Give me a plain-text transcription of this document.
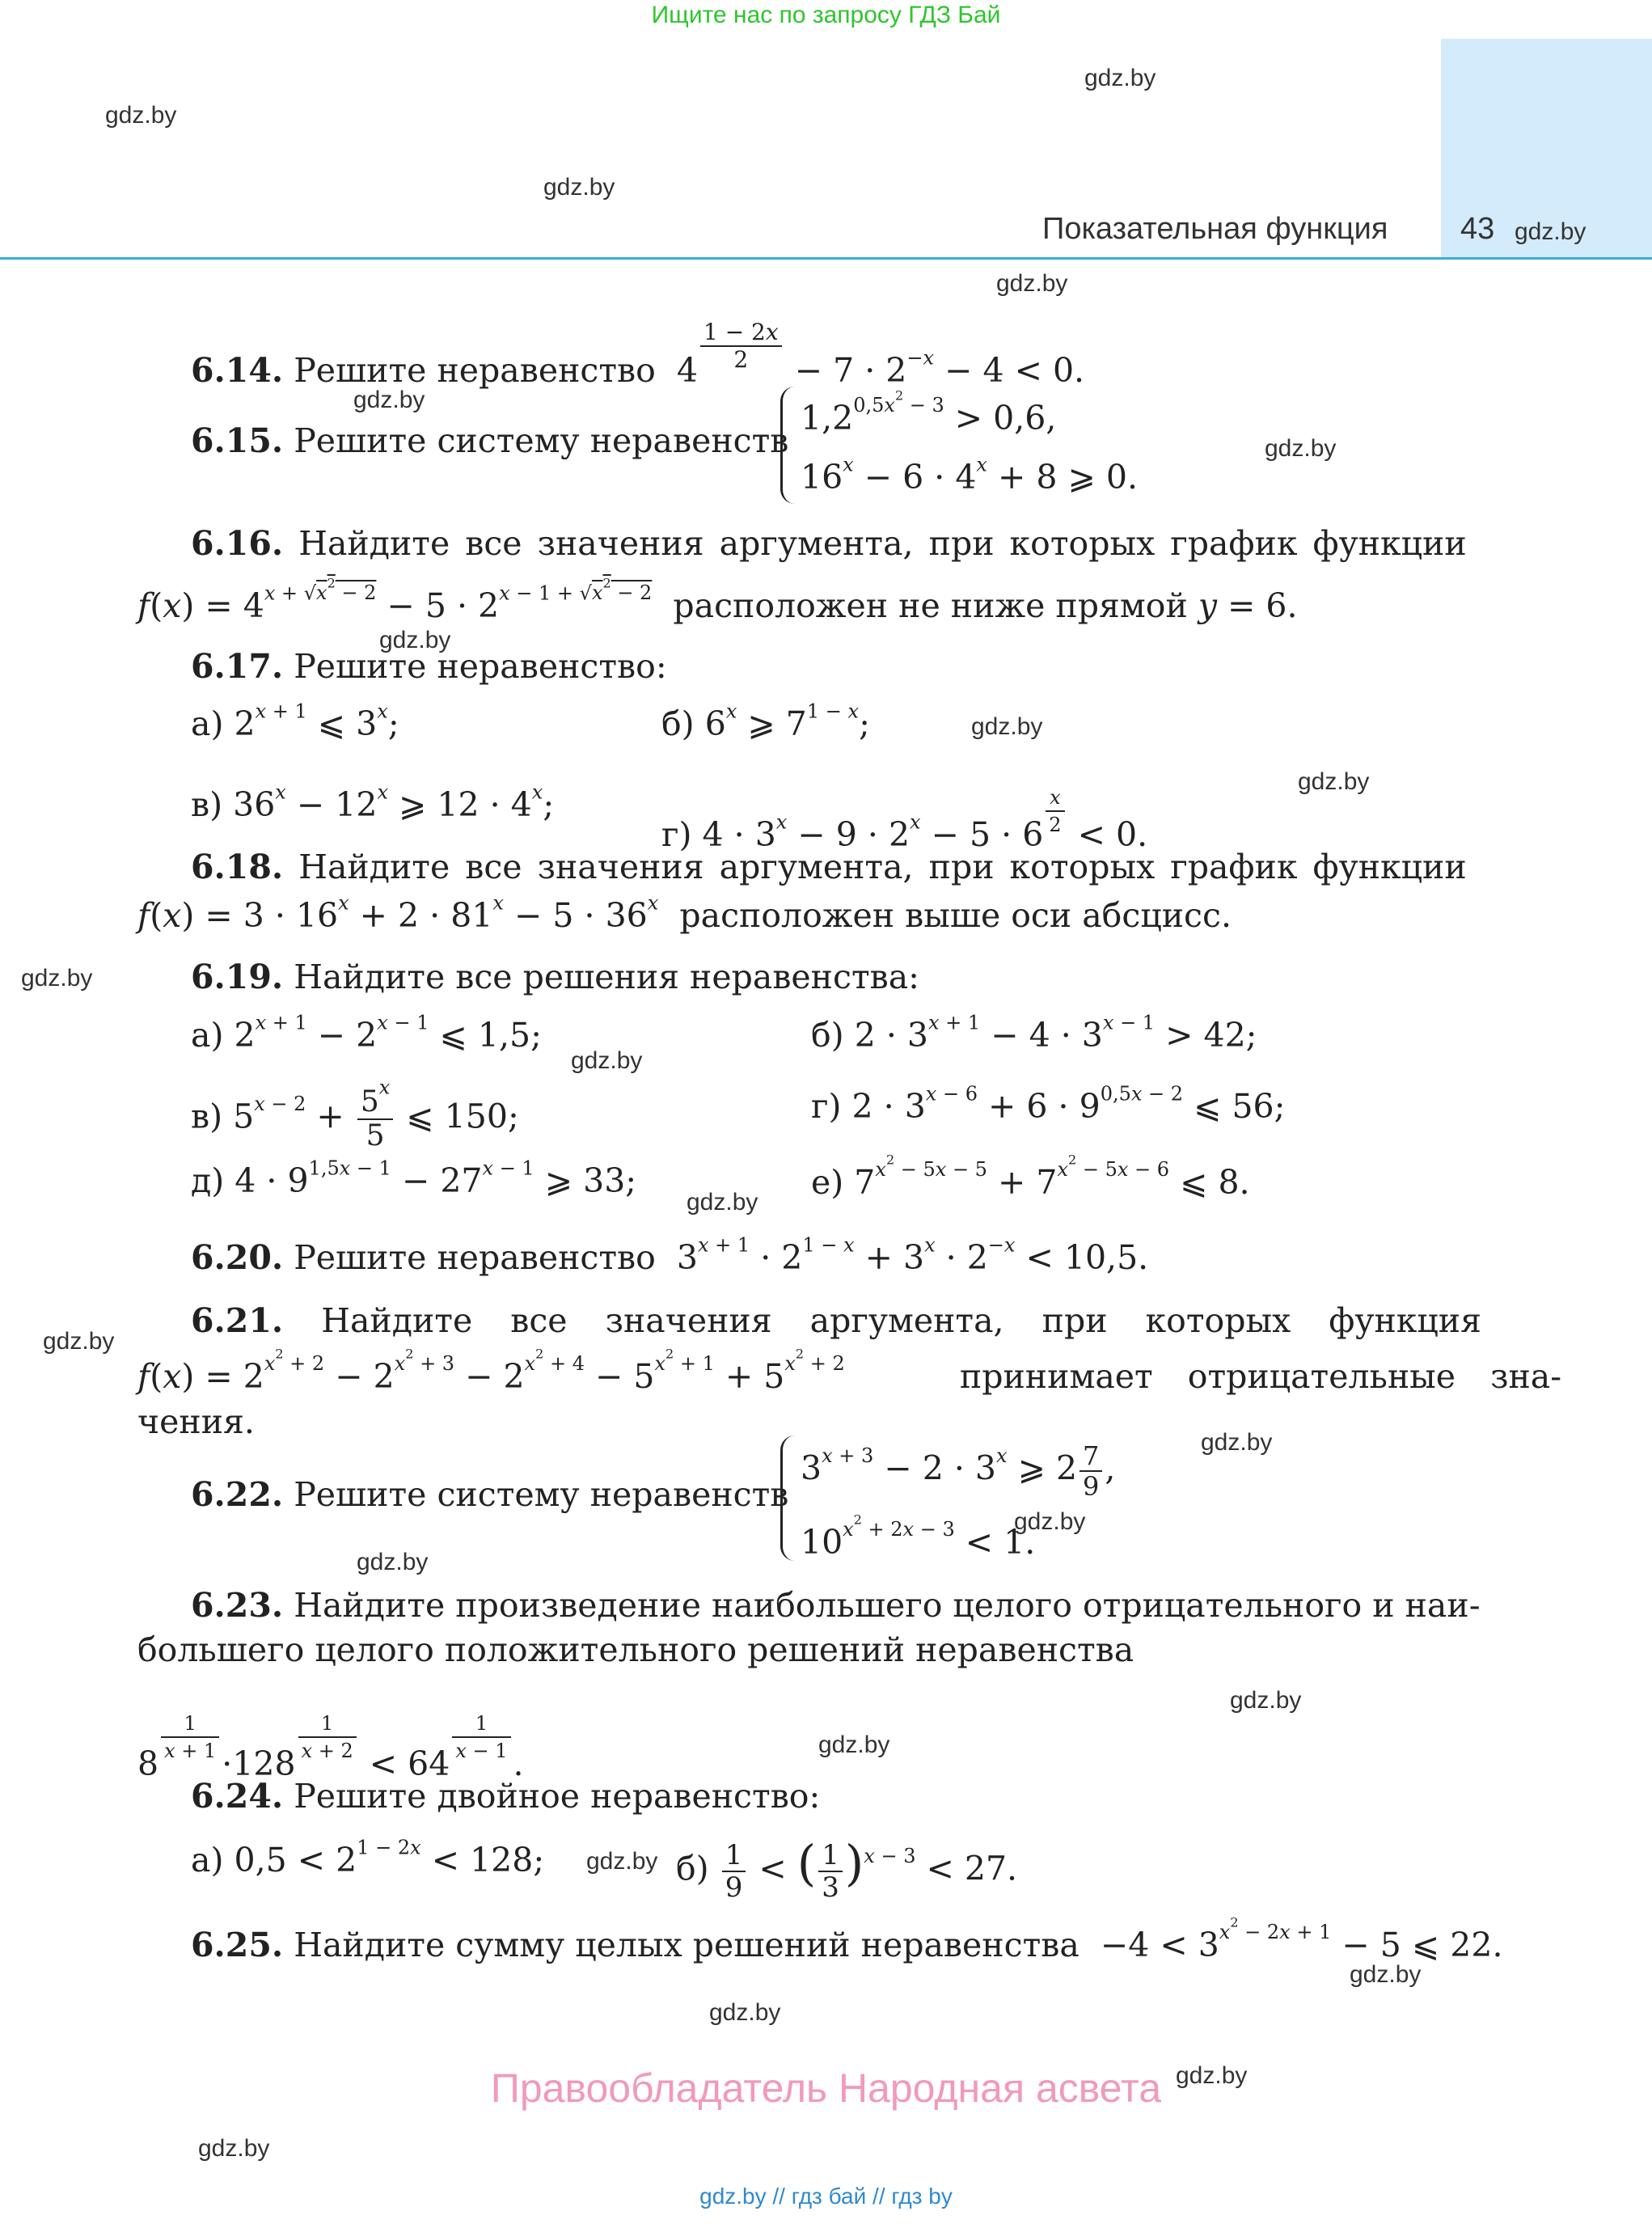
Ищите нас по запросу ГДЗ Бай
Показательная функция 43
gdz.by
gdz.by
gdz.by
gdz.by
gdz.by
gdz.by
gdz.by
gdz.by
gdz.by
gdz.by
gdz.by
gdz.by
gdz.by
gdz.by
gdz.by
gdz.by
gdz.by
gdz.by
gdz.by
gdz.by
gdz.by
gdz.by
gdz.by
gdz.by
6.14. Решите неравенство  $4 \frac{1 - 2x}{2} - 7 \cdot 2^{-x} - 4 < 0$.
6.15. Решите систему неравенств
$1,2^{0,5x^2 - 3} > 0,6$,
$16^x - 6 \cdot 4^x + 8$ ⩾ 0.
6.16. Найдите все значения аргумента, при которых график функции
$f(x) = 4^{x + √x^2 - 2} - 5 \cdot 2^{x - 1 + √x^2 - 2}$ расположен не ниже прямой y = 6.
6.17. Решите неравенство:
а) $2^{x + 1}$ ⩽ 3$^x$;	б) 6$^x$ ⩾ $7^{1 - x}$;
в) $36^x - 12^x$ ⩾ $12 \cdot 4^x$;
г) $4 \cdot 3^x - 9 \cdot 2^x - 5 \cdot 6 \frac{x}{2} < 0$.
6.18. Найдите все значения аргумента, при которых график функции
$f(x) = 3 \cdot 16^x + 2 \cdot 81^x - 5 \cdot 36^x$ расположен выше оси абсцисс.
6.19. Найдите все решения неравенства:
а) $2^{x + 1} - 2^{x - 1}$ ⩽ 1,5;	б) $2 \cdot 3^{x + 1} - 4 \cdot 3^{x - 1} > 42$;
в) $5^{x - 2} + \frac{5^x}{5}$ ⩽ 150;	г) $2 \cdot 3^{x - 6} + 6 \cdot 9^{0,5x - 2}$ ⩽ 56;
д) $4 \cdot 9^{1,5x - 1} - 27^{x - 1}$ ⩾ 33;	е) $7^{x^2 - 5x - 5} + 7^{x^2 - 5x - 6}$ ⩽ 8.
6.20. Решите неравенство  $3^{x + 1} \cdot 2^{1 - x} + 3^x \cdot 2^{-x} < 10,5$.
6.21. Найдите все значения аргумента, при которых функция
$f(x) = 2^{x^2 + 2} - 2^{x^2 + 3} - 2^{x^2 + 4} - 5^{x^2 + 1} + 5^{x^2 + 2}$	принимает отрицательные зна-
чения.
6.22. Решите систему неравенств
$3^{x + 3} - 2 \cdot 3^x$ ⩾ $2 \frac{7}{9}$ ,
$10^{x^2 + 2x - 3} < 1$.
6.23. Найдите произведение наибольшего целого отрицательного и наи-
большего целого положительного решений неравенства
$8 \frac{1}{x + 1} \cdot 128 \frac{1}{x + 2} < 64 \frac{1}{x - 1}$ .
6.24. Решите двойное неравенство:
а) $0,5 < 2^{1 - 2x} < 128$;	$б) \frac{1}{9}$ < ( $\frac{1}{3} )^{x - 3} < 27$.
6.25. Найдите сумму целых решений неравенства  $-4 < 3^{x^2 - 2x + 1} - 5$ ⩽ 22.
Правообладатель Народная асвета
gdz.by // гдз бай // гдз by
